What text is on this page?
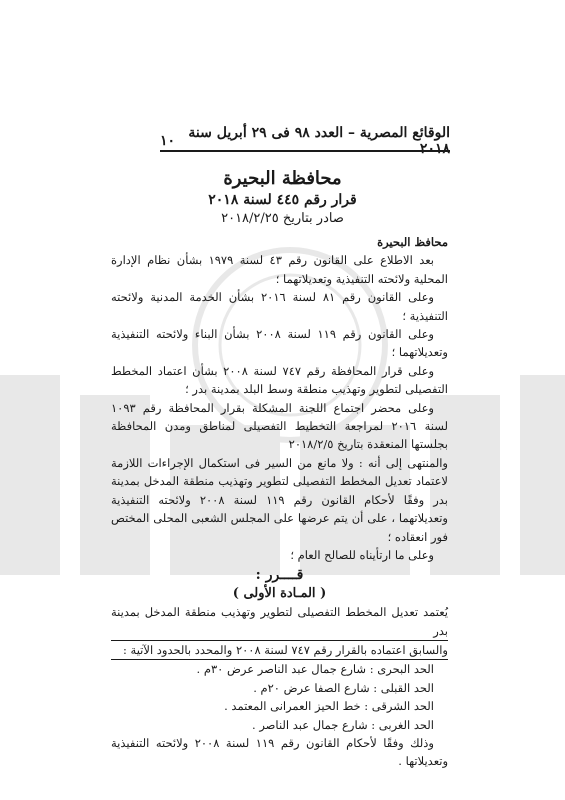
الوقائع المصرية – العدد ٩٨ فى ٢٩ أبريل سنة ٢٠١٨
١٠
محافظة البحيرة
قرار رقم ٤٤٥ لسنة ٢٠١٨
صادر بتاريخ ٢٠١٨/٢/٢٥

محافظ البحيرة

بعد الاطلاع على القانون رقم ٤٣ لسنة ١٩٧٩ بشأن نظام الإدارة المحلية ولائحته التنفيذية وتعديلاتهما ؛

وعلى القانون رقم ٨١ لسنة ٢٠١٦ بشأن الخدمة المدنية ولائحته التنفيذية ؛

وعلى القانون رقم ١١٩ لسنة ٢٠٠٨ بشأن البناء ولائحته التنفيذية وتعديلاتهما ؛

وعلى قرار المحافظة رقم ٧٤٧ لسنة ٢٠٠٨ بشأن اعتماد المخطط التفصيلى لتطوير وتهذيب منطقة وسط البلد بمدينة بدر ؛

وعلى محضر اجتماع اللجنة المشكلة بقرار المحافظة رقم ١٠٩٣ لسنة ٢٠١٦ لمراجعة التخطيط التفصيلى لمناطق ومدن المحافظة بجلستها المنعقدة بتاريخ ٢٠١٨/٢/٥

والمنتهى إلى أنه : ولا مانع من السير فى استكمال الإجراءات اللازمة لاعتماد تعديل المخطط التفصيلى لتطوير وتهذيب منطقة المدخل بمدينة بدر وفقًا لأحكام القانون رقم ١١٩ لسنة ٢٠٠٨ ولائحته التنفيذية وتعديلاتهما ، على أن يتم عرضها على المجلس الشعبى المحلى المختص فور انعقاده ؛

وعلى ما ارتأيناه للصالح العام ؛

قــــرر :

( المـادة الأولى )

يُعتمد تعديل المخطط التفصيلى لتطوير وتهذيب منطقة المدخل بمدينة بدر

والسابق اعتماده بالقرار رقم ٧٤٧ لسنة ٢٠٠٨ والمحدد بالحدود الآتية :

الحد البحرى : شارع جمال عبد الناصر عرض ٣٠م .

الحد القبلى : شارع الصفا عرض ٢٠م .

الحد الشرقى : خط الحيز العمرانى المعتمد .

الحد الغربى : شارع جمال عبد الناصر .

وذلك وفقًا لأحكام القانون رقم ١١٩ لسنة ٢٠٠٨ ولائحته التنفيذية وتعديلاتها .
